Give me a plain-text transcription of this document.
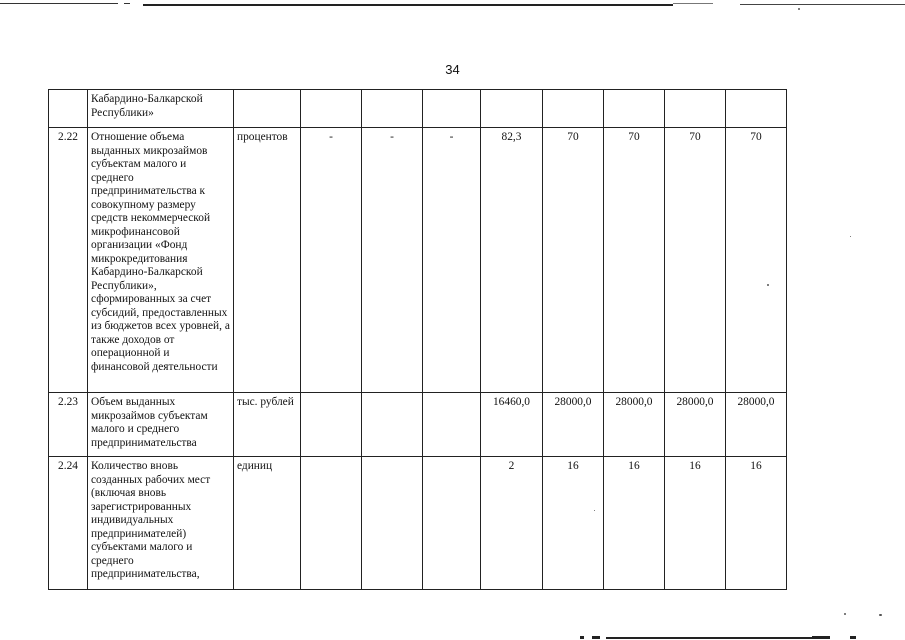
34
	Кабардино-Балкарской Республики»									
2.22	Отношение объема выданных микрозаймов субъектам малого и среднего предпринимательства к совокупному размеру средств некоммерческой микрофинансовой организации «Фонд микрокредитования Кабардино-Балкарской Республики», сформированных за счет субсидий, предоставленных из бюджетов всех уровней, а также доходов от операционной и финансовой деятельности	процентов	-	-	-	82,3	70	70	70	70
2.23	Объем выданных микрозаймов субъектам малого и среднего предпринимательства	тыс. рублей				16460,0	28000,0	28000,0	28000,0	28000,0
2.24	Количество вновь созданных рабочих мест (включая вновь зарегистрированных индивидуальных предпринимателей) субъектами малого и среднего предпринимательства,	единиц				2	16	16	16	16
